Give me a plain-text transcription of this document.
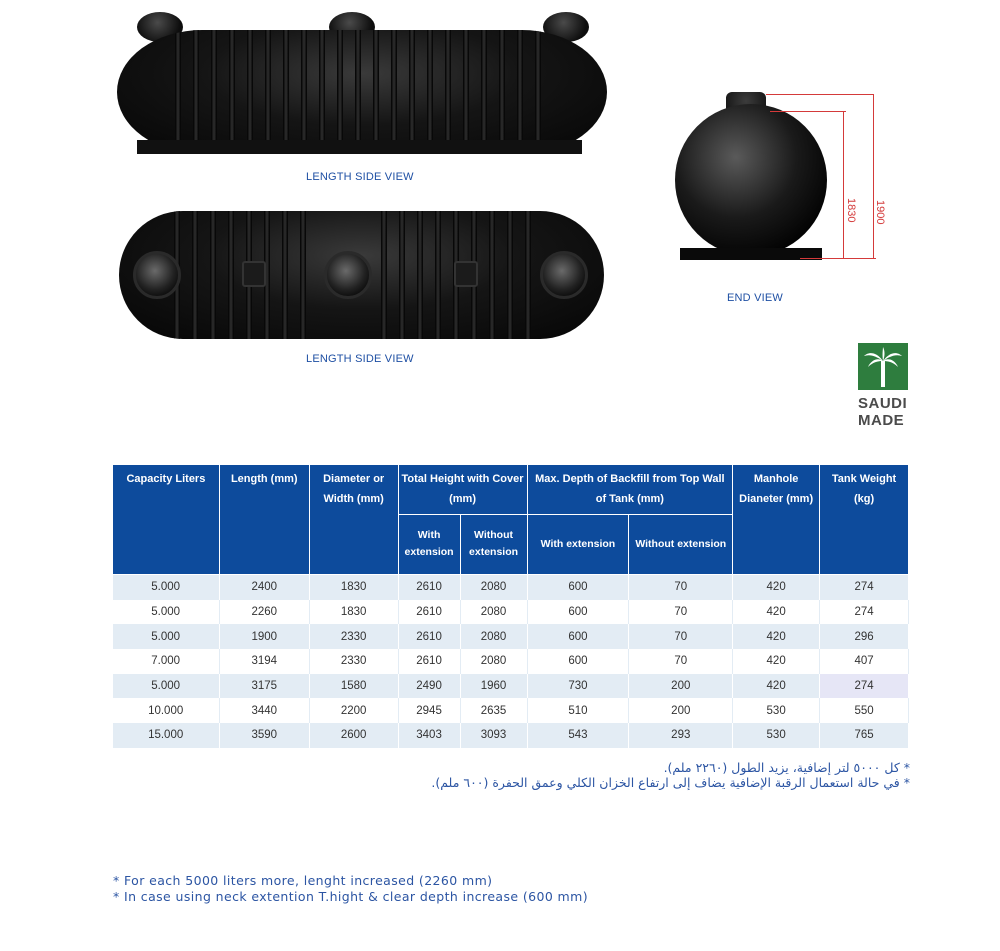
LENGTH SIDE VIEW
LENGTH SIDE VIEW
1830 1900
END VIEW
SAUDI
MADE
Capacity Liters	Length (mm)	Diameter or Width (mm)	Total Height with Cover (mm)		Max. Depth of Backfill from Top Wall of Tank (mm)		Manhole Dianeter (mm)	Tank Weight (kg)
			With extension	Without extension	With extension	Without extension		
5.000	2400	1830	2610	2080	600	70	420	274
5.000	2260	1830	2610	2080	600	70	420	274
5.000	1900	2330	2610	2080	600	70	420	296
7.000	3194	2330	2610	2080	600	70	420	407
5.000	3175	1580	2490	1960	730	200	420	274
10.000	3440	2200	2945	2635	510	200	530	550
15.000	3590	2600	3403	3093	543	293	530	765
* كل ٥٠٠٠ لتر إضافية، يزيد الطول (٢٢٦٠ ملم).
* في حالة استعمال الرقبة الإضافية يضاف إلى ارتفاع الخزان الكلي وعمق الحفرة (٦٠٠ ملم).
* For each 5000 liters more, lenght increased (2260 mm)
* In case using neck extention T.hight & clear depth increase (600 mm)
